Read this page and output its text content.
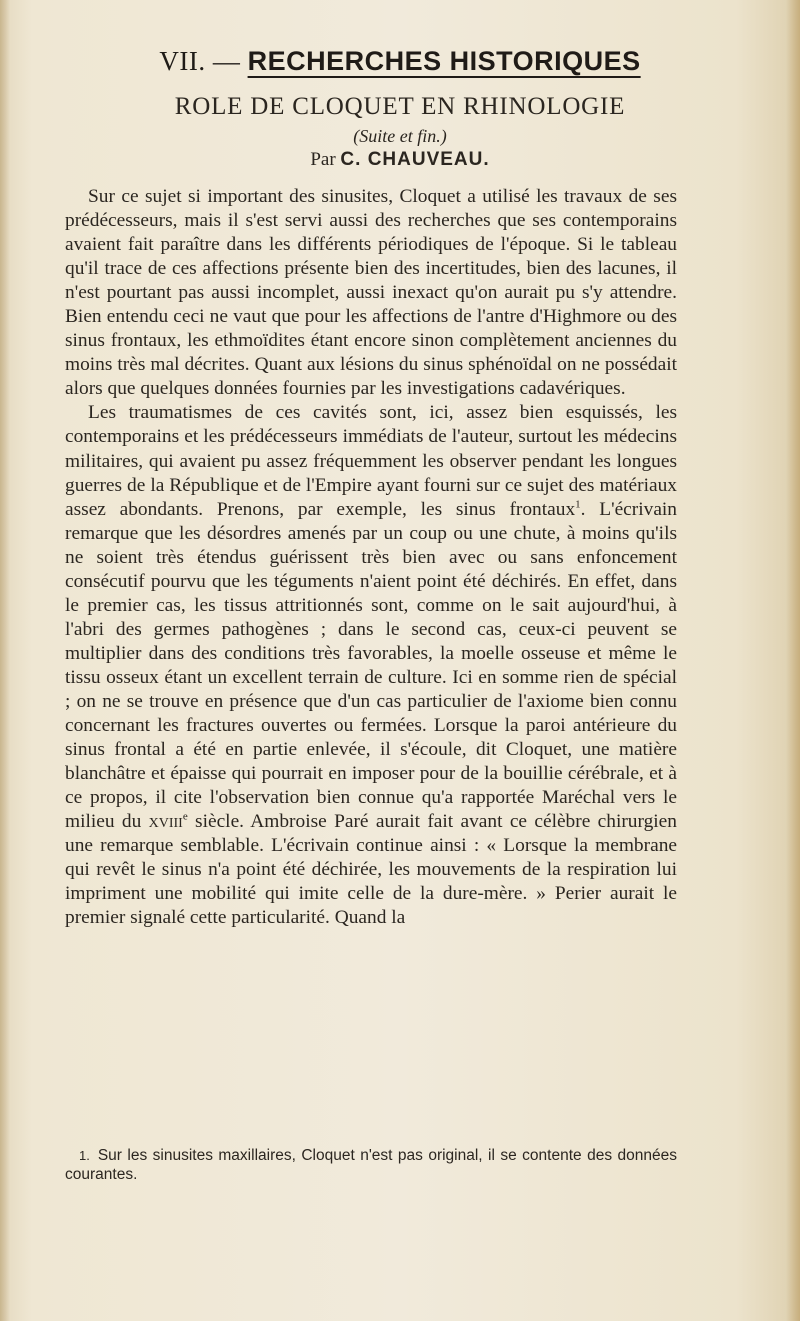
VII. — RECHERCHES HISTORIQUES
ROLE DE CLOQUET EN RHINOLOGIE
(Suite et fin.)
Par C. CHAUVEAU.

Sur ce sujet si important des sinusites, Cloquet a utilisé les travaux de ses prédécesseurs, mais il s'est servi aussi des recherches que ses contemporains avaient fait paraître dans les différents périodiques de l'époque. Si le tableau qu'il trace de ces affections présente bien des incertitudes, bien des lacunes, il n'est pourtant pas aussi incomplet, aussi inexact qu'on aurait pu s'y attendre. Bien entendu ceci ne vaut que pour les affections de l'antre d'Highmore ou des sinus frontaux, les ethmoïdites étant encore sinon complètement anciennes du moins très mal décrites. Quant aux lésions du sinus sphénoïdal on ne possédait alors que quelques données fournies par les investigations cadavériques.

Les traumatismes de ces cavités sont, ici, assez bien esquissés, les contemporains et les prédécesseurs immédiats de l'auteur, surtout les médecins militaires, qui avaient pu assez fréquemment les observer pendant les longues guerres de la République et de l'Empire ayant fourni sur ce sujet des matériaux assez abondants. Prenons, par exemple, les sinus frontaux$^1$. L'écrivain remarque que les désordres amenés par un coup ou une chute, à moins qu'ils ne soient très étendus guérissent très bien avec ou sans enfoncement consécutif pourvu que les téguments n'aient point été déchirés. En effet, dans le premier cas, les tissus attritionnés sont, comme on le sait aujourd'hui, à l'abri des germes pathogènes ; dans le second cas, ceux-ci peuvent se multiplier dans des conditions très favorables, la moelle osseuse et même le tissu osseux étant un excellent terrain de culture. Ici en somme rien de spécial ; on ne se trouve en présence que d'un cas particulier de l'axiome bien connu concernant les fractures ouvertes ou fermées. Lorsque la paroi antérieure du sinus frontal a été en partie enlevée, il s'écoule, dit Cloquet, une matière blanchâtre et épaisse qui pourrait en imposer pour de la bouillie cérébrale, et à ce propos, il cite l'observation bien connue qu'a rapportée Maréchal vers le milieu du xviii$^e$ siècle. Ambroise Paré aurait fait avant ce célèbre chirurgien une remarque semblable. L'écrivain continue ainsi : « Lorsque la membrane qui revêt le sinus n'a point été déchirée, les mouvements de la respiration lui impriment une mobilité qui imite celle de la dure-mère. » Perier aurait le premier signalé cette particularité. Quand la

1. Sur les sinusites maxillaires, Cloquet n'est pas original, il se contente des données courantes.
